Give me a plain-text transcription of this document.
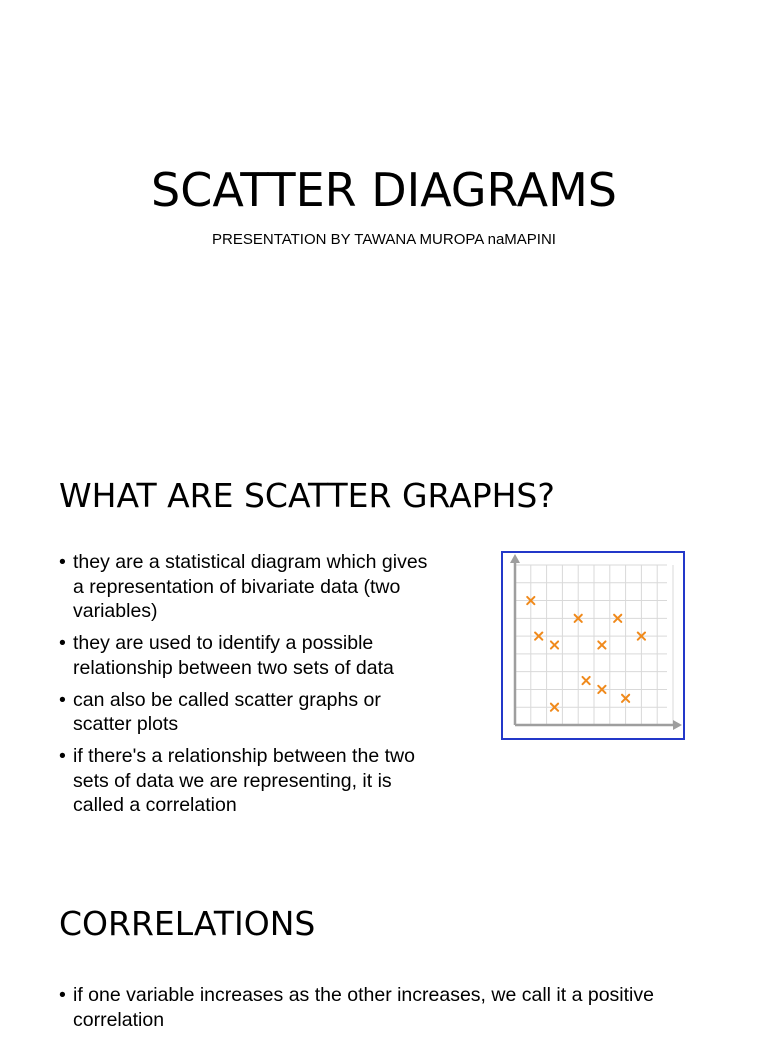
SCATTER DIAGRAMS

PRESENTATION BY TAWANA MUROPA naMAPINI

WHAT ARE SCATTER GRAPHS?
• they are a statistical diagram which gives a representation of bivariate data (two variables)
• they are used to identify a possible relationship between two sets of data
• can also be called scatter graphs or scatter plots
• if there's a relationship between the two sets of data we are representing, it is called a correlation
CORRELATIONS
• if one variable increases as the other increases, we call it a positive correlation
